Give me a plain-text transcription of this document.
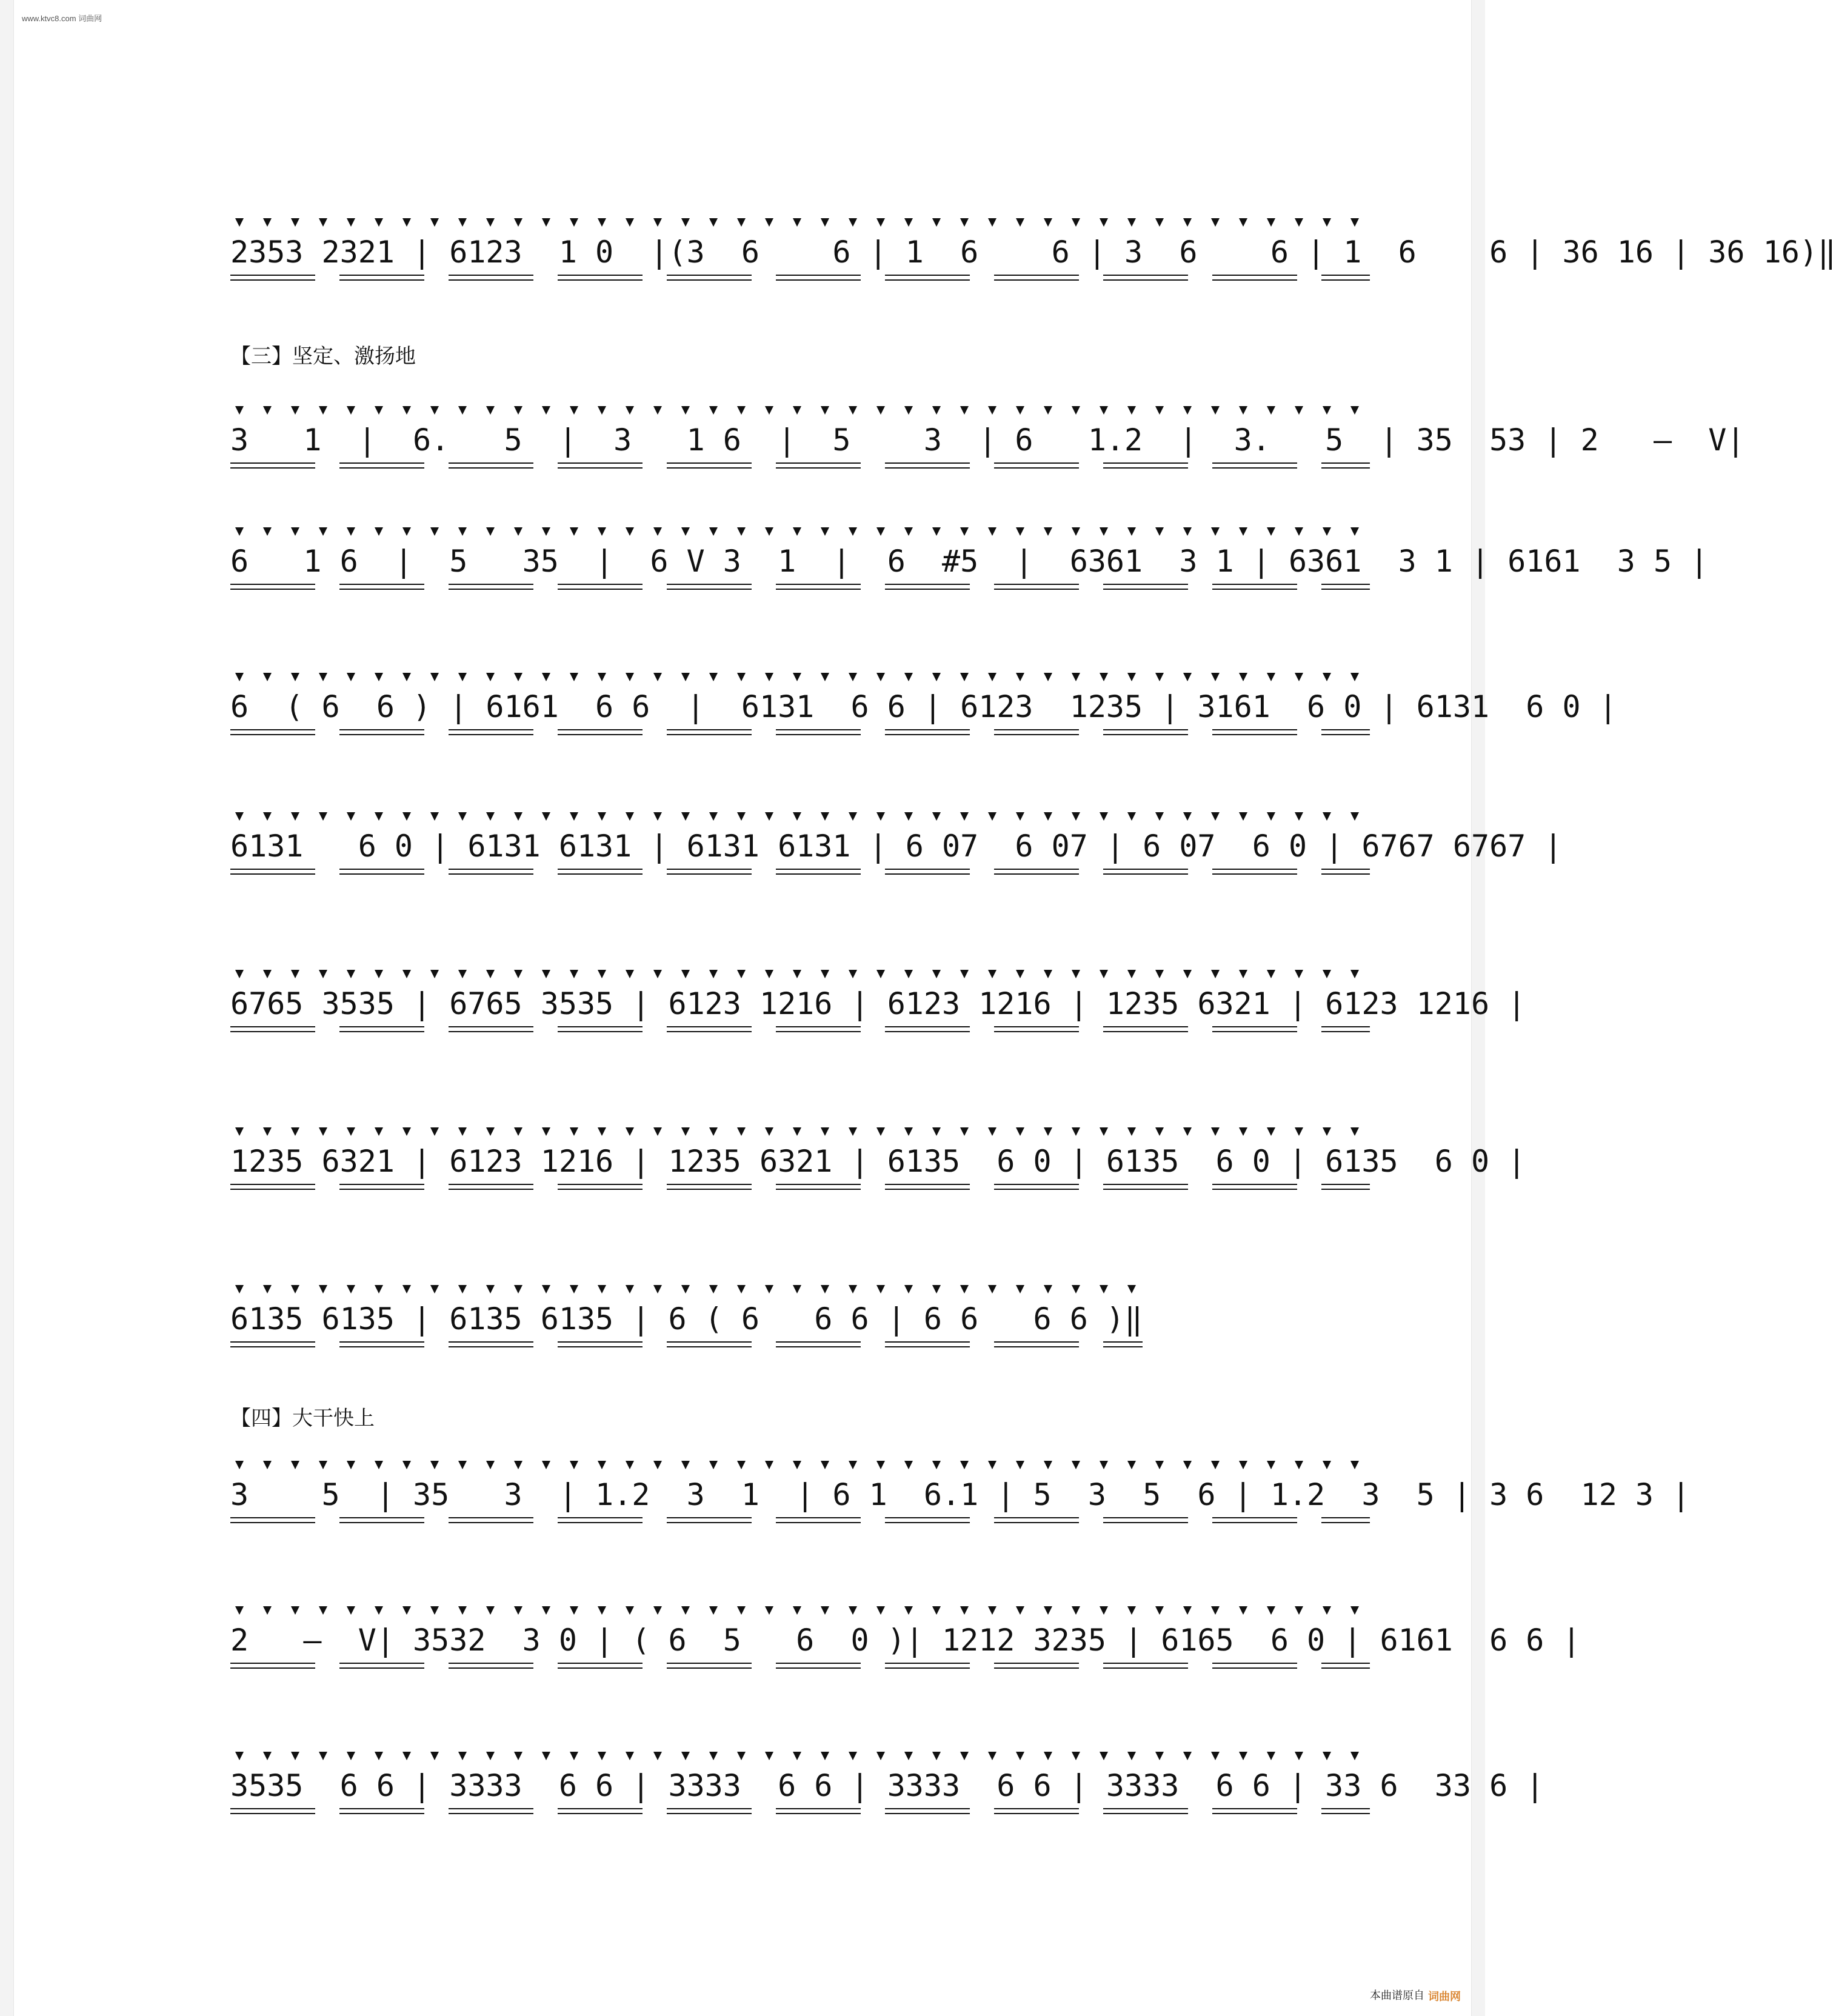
www.ktvc8.com 词曲网
2353 2321 | 6123  1 0  |(3  6    6 | 1  6    6 | 3  6    6 | 1  6    6 | 36 16 | 36 16)‖
【三】坚定、激扬地
3   1  |  6.   5  |  3   1 6  |  5    3  | 6   1.2  |  3.   5  | 35  53 | 2   –  V|
6   1 6  |  5   35  |  6 V 3  1  |  6  #5  |  6361  3 1 | 6361  3 1 | 6161  3 5 |
6  ( 6  6 ) | 6161  6 6  |  6131  6 6 | 6123  1235 | 3161  6 0 | 6131  6 0 |
6131   6 0 | 6131 6131 | 6131 6131 | 6 07  6 07 | 6 07  6 0 | 6767 6767 |
6765 3535 | 6765 3535 | 6123 1216 | 6123 1216 | 1235 6321 | 6123 1216 |
1235 6321 | 6123 1216 | 1235 6321 | 6135  6 0 | 6135  6 0 | 6135  6 0 |
6135 6135 | 6135 6135 | 6 ( 6   6 6 | 6 6   6 6 )‖
【四】大干快上
3    5  | 35   3  | 1.2  3  1  | 6 1  6.1 | 5  3  5  6 | 1.2  3  5 | 3 6  12 3 |
2   –  V| 3532  3 0 | ( 6  5   6  0 )| 1212 3235 | 6165  6 0 | 6161  6 6 |
3535  6 6 | 3333  6 6 | 3333  6 6 | 3333  6 6 | 3333  6 6 | 33 6  33 6 |
本曲谱原自 词曲网
